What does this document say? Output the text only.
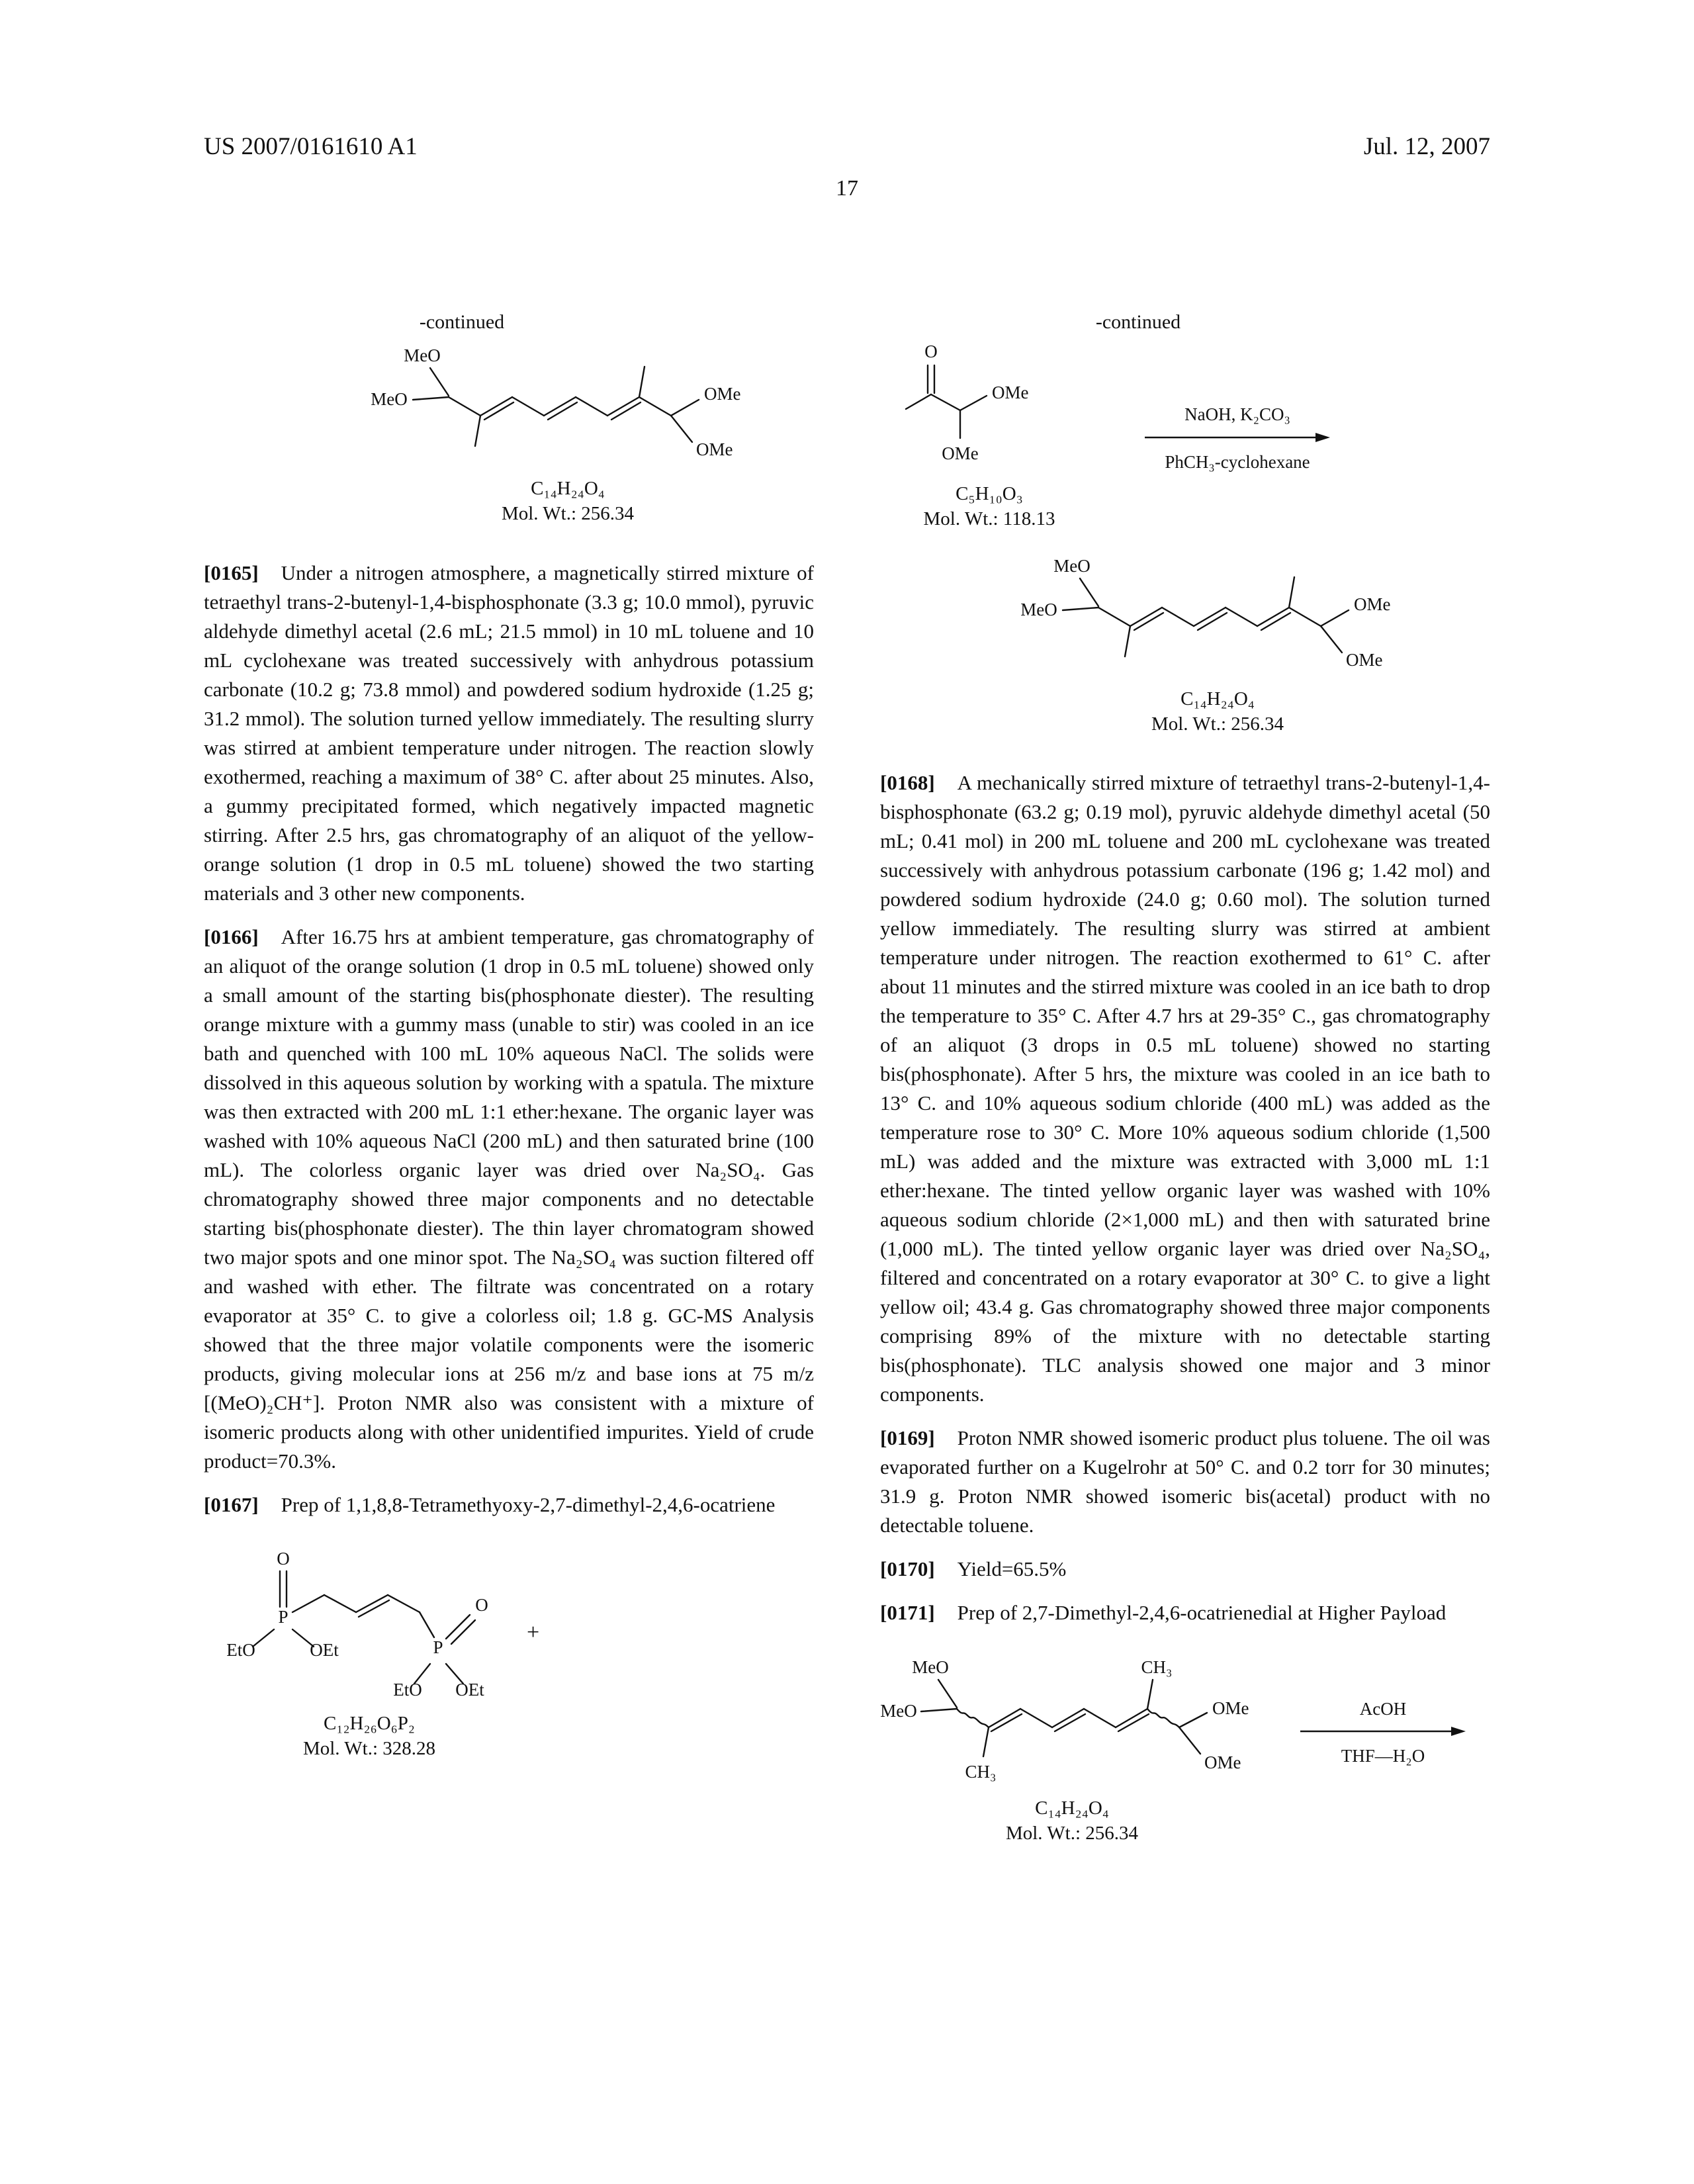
US 2007/0161610 A1	Jul. 12, 2007
17
-continued
MeO
MeO	OMe
OMe
C₁₄H₂₄O₄
Mol. Wt.: 256.34

[0165] Under a nitrogen atmosphere, a magnetically stirred mixture of tetraethyl trans-2-butenyl-1,4-bisphosphonate (3.3 g; 10.0 mmol), pyruvic aldehyde dimethyl acetal (2.6 mL; 21.5 mmol) in 10 mL toluene and 10 mL cyclohexane was treated successively with anhydrous potassium carbonate (10.2 g; 73.8 mmol) and powdered sodium hydroxide (1.25 g; 31.2 mmol). The solution turned yellow immediately. The resulting slurry was stirred at ambient temperature under nitrogen. The reaction slowly exothermed, reaching a maximum of 38° C. after about 25 minutes. Also, a gummy precipitated formed, which negatively impacted magnetic stirring. After 2.5 hrs, gas chromatography of an aliquot of the yellow-orange solution (1 drop in 0.5 mL toluene) showed the two starting materials and 3 other new components.

[0166] After 16.75 hrs at ambient temperature, gas chromatography of an aliquot of the orange solution (1 drop in 0.5 mL toluene) showed only a small amount of the starting bis(phosphonate diester). The resulting orange mixture with a gummy mass (unable to stir) was cooled in an ice bath and quenched with 100 mL 10% aqueous NaCl. The solids were dissolved in this aqueous solution by working with a spatula. The mixture was then extracted with 200 mL 1:1 ether:hexane. The organic layer was washed with 10% aqueous NaCl (200 mL) and then saturated brine (100 mL). The colorless organic layer was dried over Na₂SO₄. Gas chromatography showed three major components and no detectable starting bis(phosphonate diester). The thin layer chromatogram showed two major spots and one minor spot. The Na₂SO₄ was suction filtered off and washed with ether. The filtrate was concentrated on a rotary evaporator at 35° C. to give a colorless oil; 1.8 g. GC-MS Analysis showed that the three major volatile components were the isomeric products, giving molecular ions at 256 m/z and base ions at 75 m/z [(MeO)₂CH⁺]. Proton NMR also was consistent with a mixture of isomeric products along with other unidentified impurites. Yield of crude product=70.3%.

[0167] Prep of 1,1,8,8-Tetramethyoxy-2,7-dimethyl-2,4,6-ocatriene

O
P
EtO	OEt	P
O
EtO OEt
+
C₁₂H₂₆O₆P₂
Mol. Wt.: 328.28
-continued
O
OMe
OMe
C₅H₁₀O₃
Mol. Wt.: 118.13
NaOH, K₂CO₃
PhCH₃-cyclohexane
MeO
MeO	OMe
OMe
C₁₄H₂₄O₄
Mol. Wt.: 256.34

[0168] A mechanically stirred mixture of tetraethyl trans-2-butenyl-1,4-bisphosphonate (63.2 g; 0.19 mol), pyruvic aldehyde dimethyl acetal (50 mL; 0.41 mol) in 200 mL toluene and 200 mL cyclohexane was treated successively with anhydrous potassium carbonate (196 g; 1.42 mol) and powdered sodium hydroxide (24.0 g; 0.60 mol). The solution turned yellow immediately. The resulting slurry was stirred at ambient temperature under nitrogen. The reaction exothermed to 61° C. after about 11 minutes and the stirred mixture was cooled in an ice bath to drop the temperature to 35° C. After 4.7 hrs at 29-35° C., gas chromatography of an aliquot (3 drops in 0.5 mL toluene) showed no starting bis(phosphonate). After 5 hrs, the mixture was cooled in an ice bath to 13° C. and 10% aqueous sodium chloride (400 mL) was added as the temperature rose to 30° C. More 10% aqueous sodium chloride (1,500 mL) was added and the mixture was extracted with 3,000 mL 1:1 ether:hexane. The tinted yellow organic layer was washed with 10% aqueous sodium chloride (2×1,000 mL) and then with saturated brine (1,000 mL). The tinted yellow organic layer was dried over Na₂SO₄, filtered and concentrated on a rotary evaporator at 30° C. to give a light yellow oil; 43.4 g. Gas chromatography showed three major components comprising 89% of the mixture with no detectable starting bis(phosphonate). TLC analysis showed one major and 3 minor components.

[0169] Proton NMR showed isomeric product plus toluene. The oil was evaporated further on a Kugelrohr at 50° C. and 0.2 torr for 30 minutes; 31.9 g. Proton NMR showed isomeric bis(acetal) product with no detectable toluene.

[0170] Yield=65.5%

[0171] Prep of 2,7-Dimethyl-2,4,6-ocatrienedial at Higher Payload

MeO
MeO
CH₃
CH₃
OMe
OMe
C₁₄H₂₄O₄
Mol. Wt.: 256.34
AcOH
THF—H₂O
